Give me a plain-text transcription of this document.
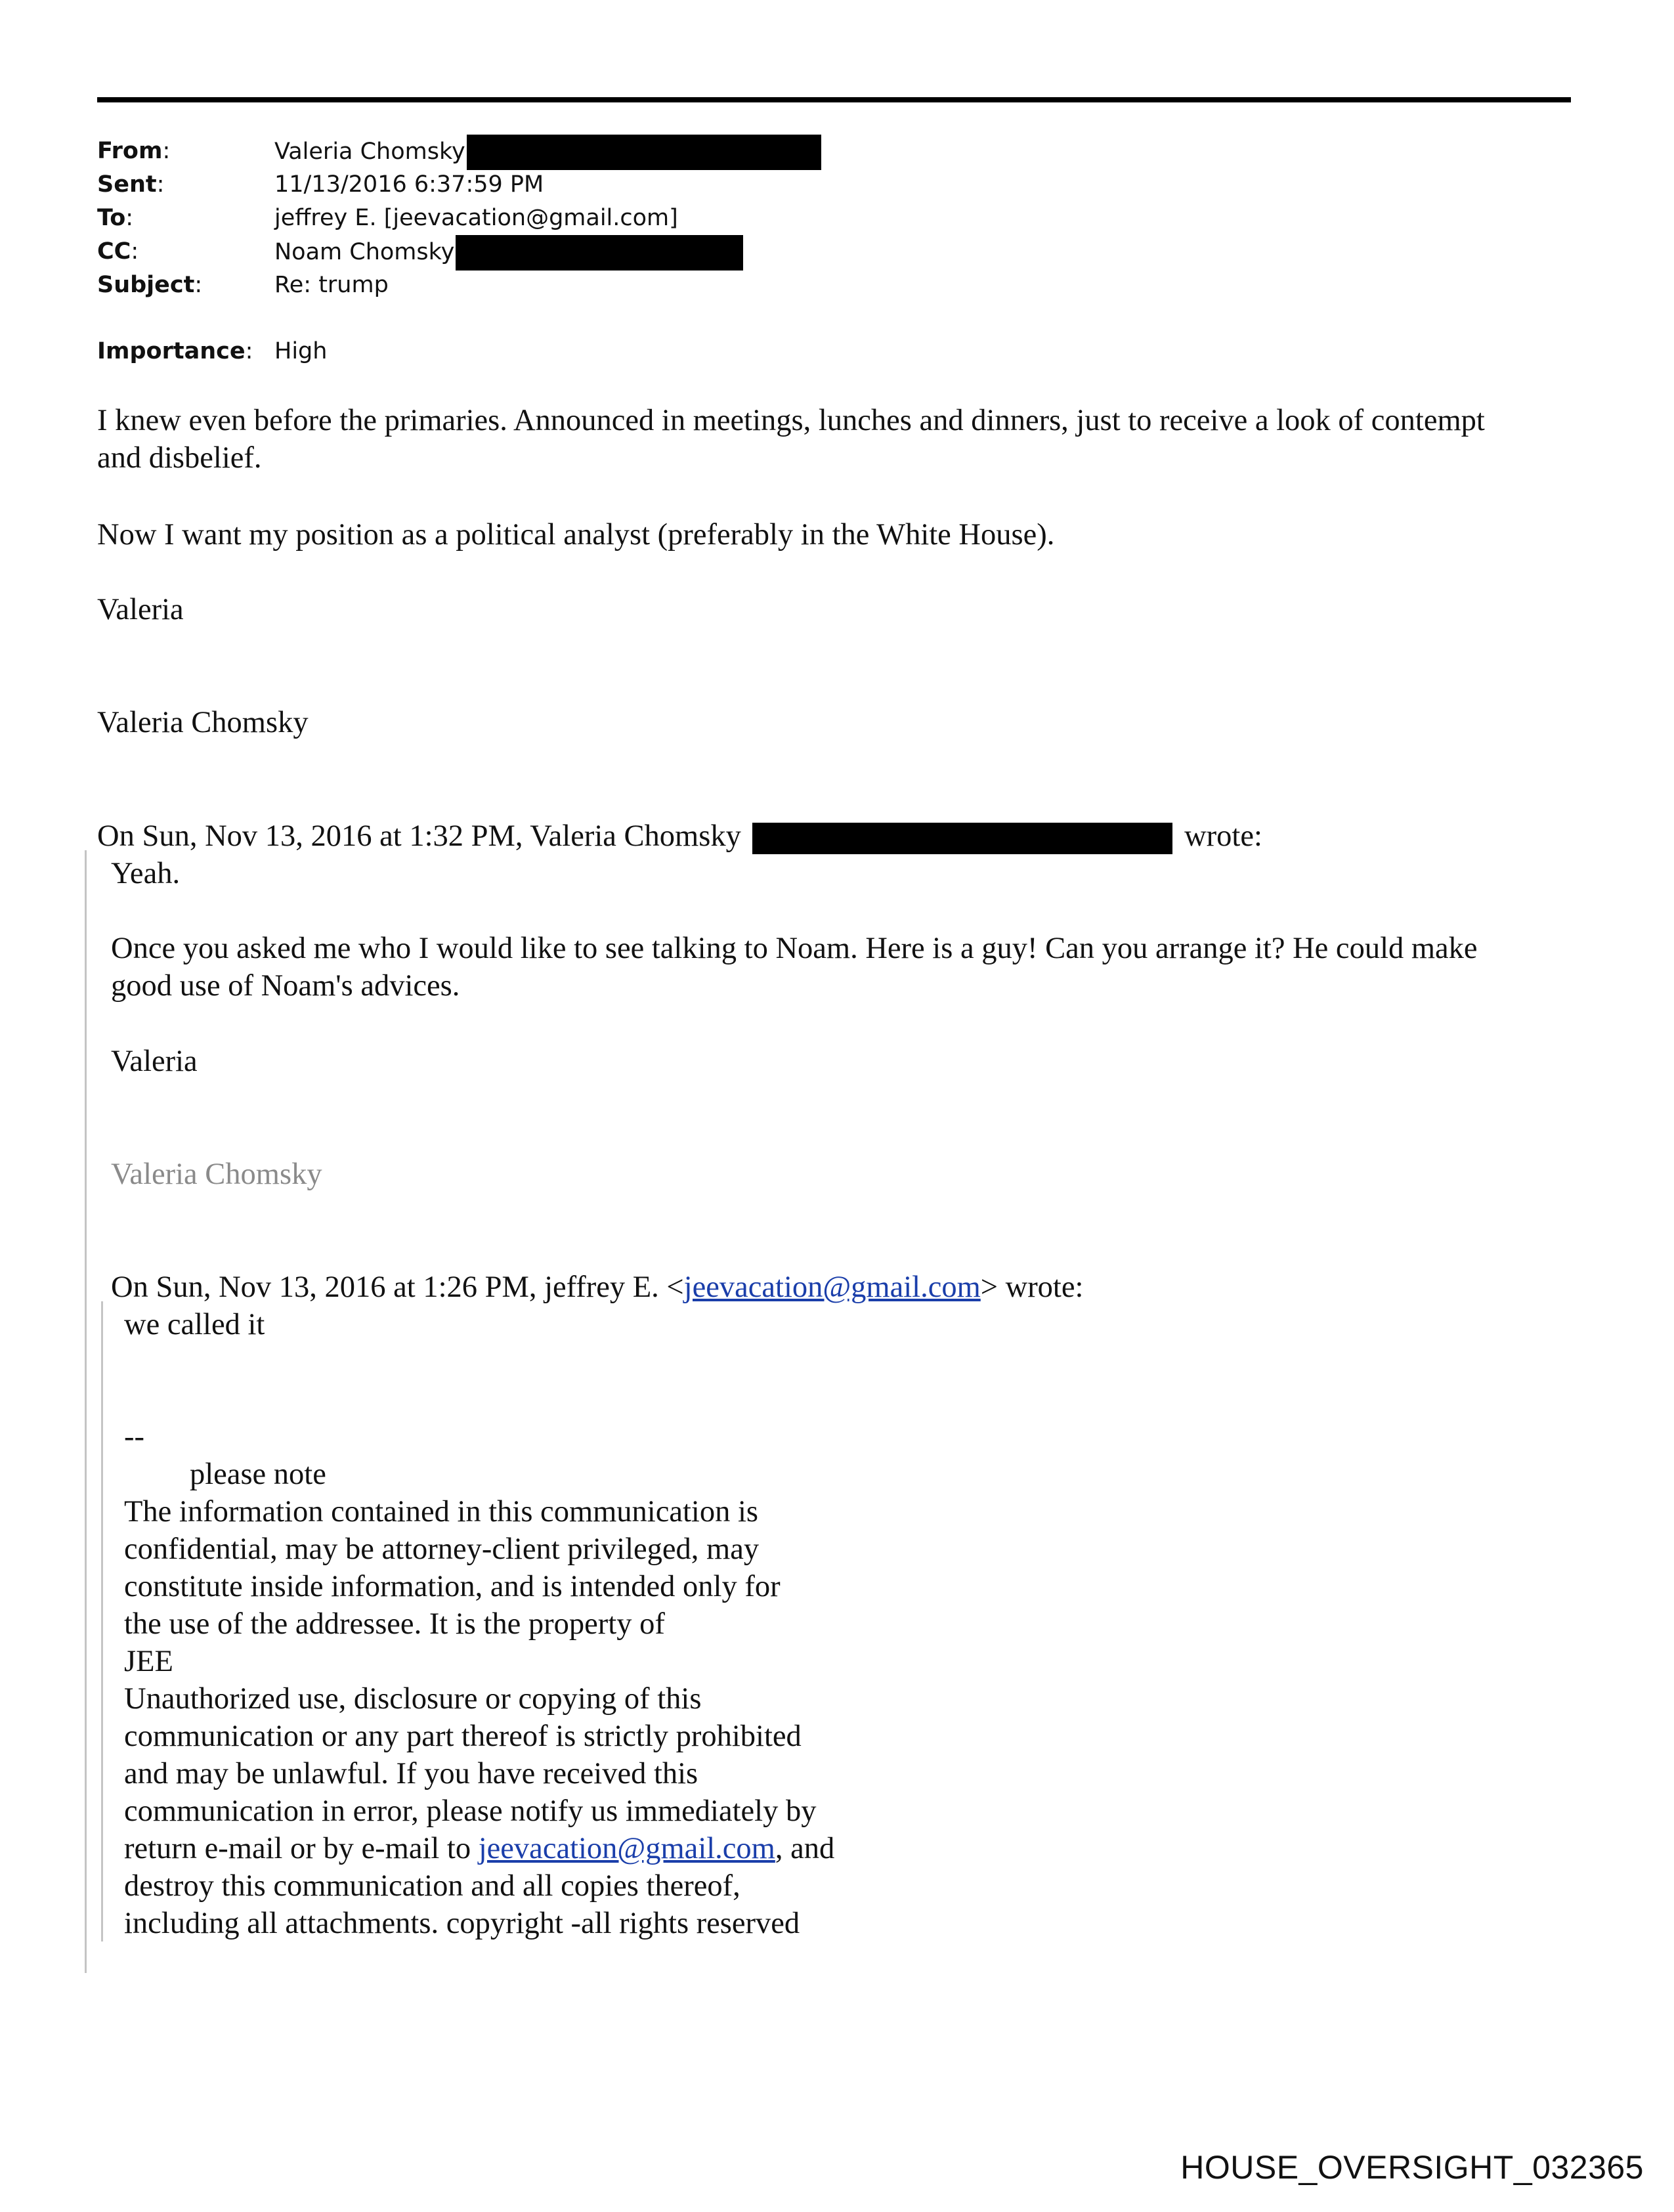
From:	Valeria Chomsky
Sent:	11/13/2016 6:37:59 PM
To:	jeffrey E. [jeevacation@gmail.com]
CC:	Noam Chomsky
Subject:	Re: trump
Importance: High

I knew even before the primaries. Announced in meetings, lunches and dinners, just to receive a look of contempt and disbelief.

Now I want my position as a political analyst (preferably in the White House).

Valeria

Valeria Chomsky

On Sun, Nov 13, 2016 at 1:32 PM, Valeria Chomsky	wrote:

Yeah.

Once you asked me who I would like to see talking to Noam. Here is a guy! Can you arrange it? He could make good use of Noam's advices.

Valeria

Valeria Chomsky

On Sun, Nov 13, 2016 at 1:26 PM, jeffrey E. <jeevacation@gmail.com> wrote:

we called it

--

please note

The information contained in this communication is

confidential, may be attorney-client privileged, may

constitute inside information, and is intended only for

the use of the addressee. It is the property of

JEE

Unauthorized use, disclosure or copying of this

communication or any part thereof is strictly prohibited

and may be unlawful. If you have received this

communication in error, please notify us immediately by

return e-mail or by e-mail to jeevacation@gmail.com, and

destroy this communication and all copies thereof,

including all attachments. copyright -all rights reserved

HOUSE_OVERSIGHT_032365
